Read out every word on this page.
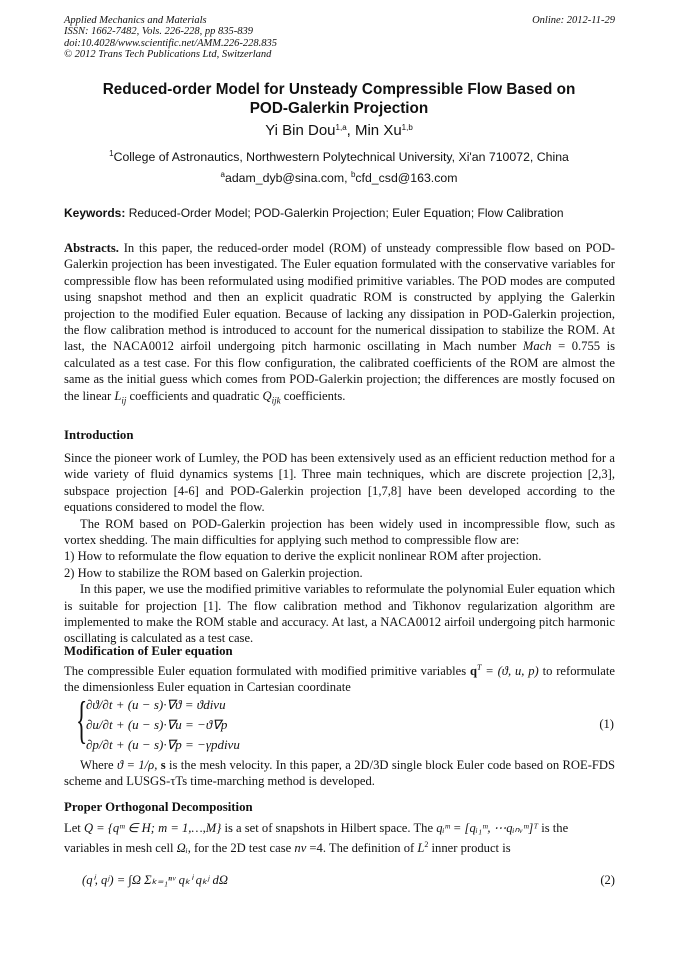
Applied Mechanics and Materials
ISSN: 1662-7482, Vols. 226-228, pp 835-839
doi:10.4028/www.scientific.net/AMM.226-228.835
© 2012 Trans Tech Publications Ltd, Switzerland
Online: 2012-11-29
Reduced-order Model for Unsteady Compressible Flow Based on
POD-Galerkin Projection
Yi Bin Dou$^{1,a}$, Min Xu$^{1,b}$
$^1$College of Astronautics, Northwestern Polytechnical University, Xi'an 710072, China
$^a$adam_dyb@sina.com, $^b$cfd_csd@163.com
Keywords: Reduced-Order Model; POD-Galerkin Projection; Euler Equation; Flow Calibration

Abstracts. In this paper, the reduced-order model (ROM) of unsteady compressible flow based on POD-Galerkin projection has been investigated. The Euler equation formulated with the conservative variables for compressible flow has been reformulated using modified primitive variables. The POD modes are computed using snapshot method and then an explicit quadratic ROM is constructed by applying the Galerkin projection to the modified Euler equation. Because of lacking any dissipation in POD-Galerkin projection, the flow calibration method is introduced to account for the numerical dissipation to stabilize the ROM. At last, the NACA0012 airfoil undergoing pitch harmonic oscillating in Mach number Mach = 0.755 is calculated as a test case. For this flow configuration, the calibrated coefficients of the ROM are almost the same as the initial guess which comes from POD-Galerkin projection; the differences are mostly focused on the linear $L_{ij}$ coefficients and quadratic $Q_{ijk}$ coefficients.

Introduction

Since the pioneer work of Lumley, the POD has been extensively used as an efficient reduction method for a wide variety of fluid dynamics systems [1]. Three main techniques, which are discrete projection [2,3], subspace projection [4-6] and POD-Galerkin projection [1,7,8] have been developed according to the equations considered to model the flow.

The ROM based on POD-Galerkin projection has been widely used in incompressible flow, such as vortex shedding. The main difficulties for applying such method to compressible flow are:

1) How to reformulate the flow equation to derive the explicit nonlinear ROM after projection.

2) How to stabilize the ROM based on Galerkin projection.

In this paper, we use the modified primitive variables to reformulate the polynomial Euler equation which is suitable for projection [1]. The flow calibration method and Tikhonov regularization algorithm are implemented to make the ROM stable and accuracy. At last, a NACA0012 airfoil undergoing pitch harmonic oscillating is calculated as a test case.

Modification of Euler equation

The compressible Euler equation formulated with modified primitive variables $q^T = (ϑ$, u, p) to reformulate the dimensionless Euler equation in Cartesian coordinate

{
∂ϑ/∂t + (u − s)·∇ϑ = ϑdivu
∂u/∂t + (u − s)·∇u = −ϑ∇p
∂p/∂t + (u − s)·∇p = −γpdivu
(1)

Where ϑ = 1/ρ, s is the mesh velocity. In this paper, a 2D/3D single block Euler code based on ROE-FDS scheme and LUSGS-τTs time-marching method is developed.

Proper Orthogonal Decomposition

Let Q = {qᵐ ∈ H; m = 1,…,M} is a set of snapshots in Hilbert space. The qᵢᵐ = [qᵢ₁ᵐ, ⋯qᵢₙᵥᵐ]ᵀ is the

variables in mesh cell Ωᵢ, for the 2D test case nv =4. The definition of $L^2$ inner product is

(qⁱ, qʲ) = ∫Ω Σₖ₌₁ⁿᵛ qₖⁱ qₖʲ dΩ	(2)
